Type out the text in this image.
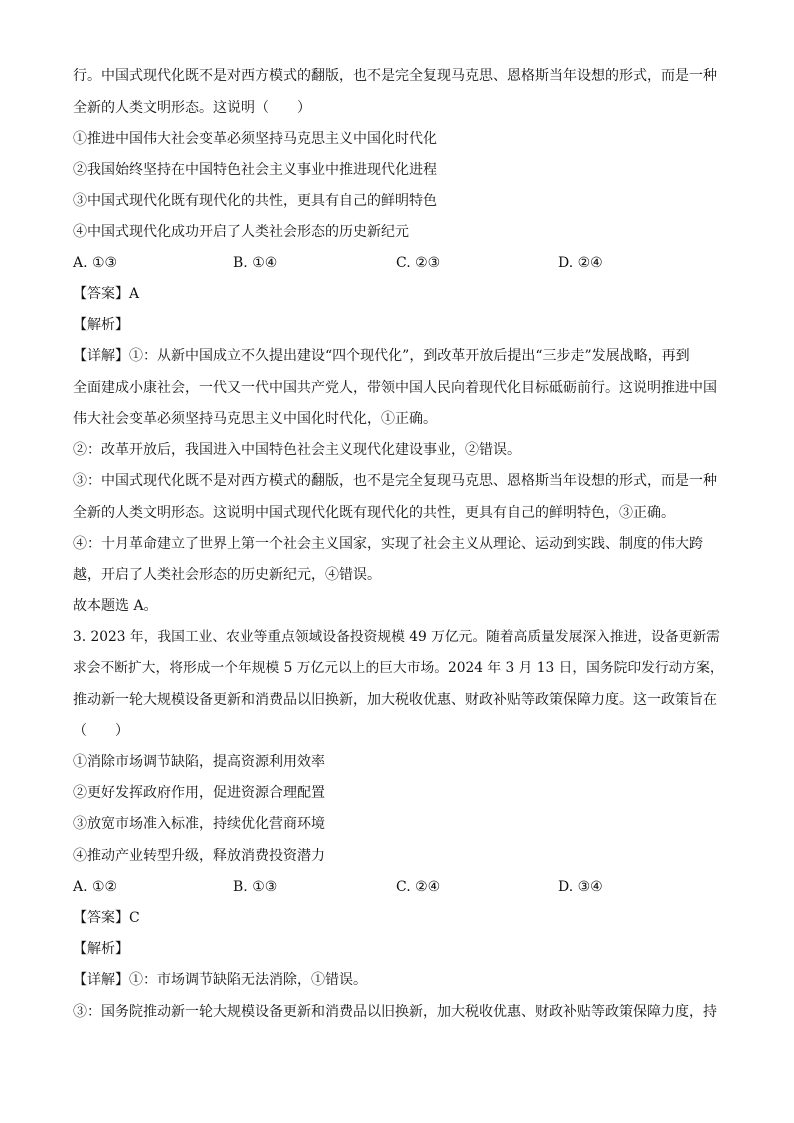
行。中国式现代化既不是对西方模式的翻版，也不是完全复现马克思、恩格斯当年设想的形式，而是一种
全新的人类文明形态。这说明（　　）
①推进中国伟大社会变革必须坚持马克思主义中国化时代化
②我国始终坚持在中国特色社会主义事业中推进现代化进程
③中国式现代化既有现代化的共性，更具有自己的鲜明特色
④中国式现代化成功开启了人类社会形态的历史新纪元
A. ①③	B. ①④	C. ②③	D. ②④
【答案】A
【解析】
【详解】①：从新中国成立不久提出建设“四个现代化”，到改革开放后提出“三步走”发展战略，再到
全面建成小康社会，一代又一代中国共产党人，带领中国人民向着现代化目标砥砺前行。这说明推进中国
伟大社会变革必须坚持马克思主义中国化时代化，①正确。
②：改革开放后，我国进入中国特色社会主义现代化建设事业，②错误。
③：中国式现代化既不是对西方模式的翻版，也不是完全复现马克思、恩格斯当年设想的形式，而是一种
全新的人类文明形态。这说明中国式现代化既有现代化的共性，更具有自己的鲜明特色，③正确。
④：十月革命建立了世界上第一个社会主义国家，实现了社会主义从理论、运动到实践、制度的伟大跨
越，开启了人类社会形态的历史新纪元，④错误。
故本题选 A。
3. 2023 年，我国工业、农业等重点领域设备投资规模 49 万亿元。随着高质量发展深入推进，设备更新需
求会不断扩大，将形成一个年规模 5 万亿元以上的巨大市场。2024 年 3 月 13 日，国务院印发行动方案，
推动新一轮大规模设备更新和消费品以旧换新，加大税收优惠、财政补贴等政策保障力度。这一政策旨在
（　　）
①消除市场调节缺陷，提高资源利用效率
②更好发挥政府作用，促进资源合理配置
③放宽市场准入标准，持续优化营商环境
④推动产业转型升级，释放消费投资潜力
A. ①②	B. ①③	C. ②④	D. ③④
【答案】C
【解析】
【详解】①：市场调节缺陷无法消除，①错误。
③：国务院推动新一轮大规模设备更新和消费品以旧换新，加大税收优惠、财政补贴等政策保障力度，持
